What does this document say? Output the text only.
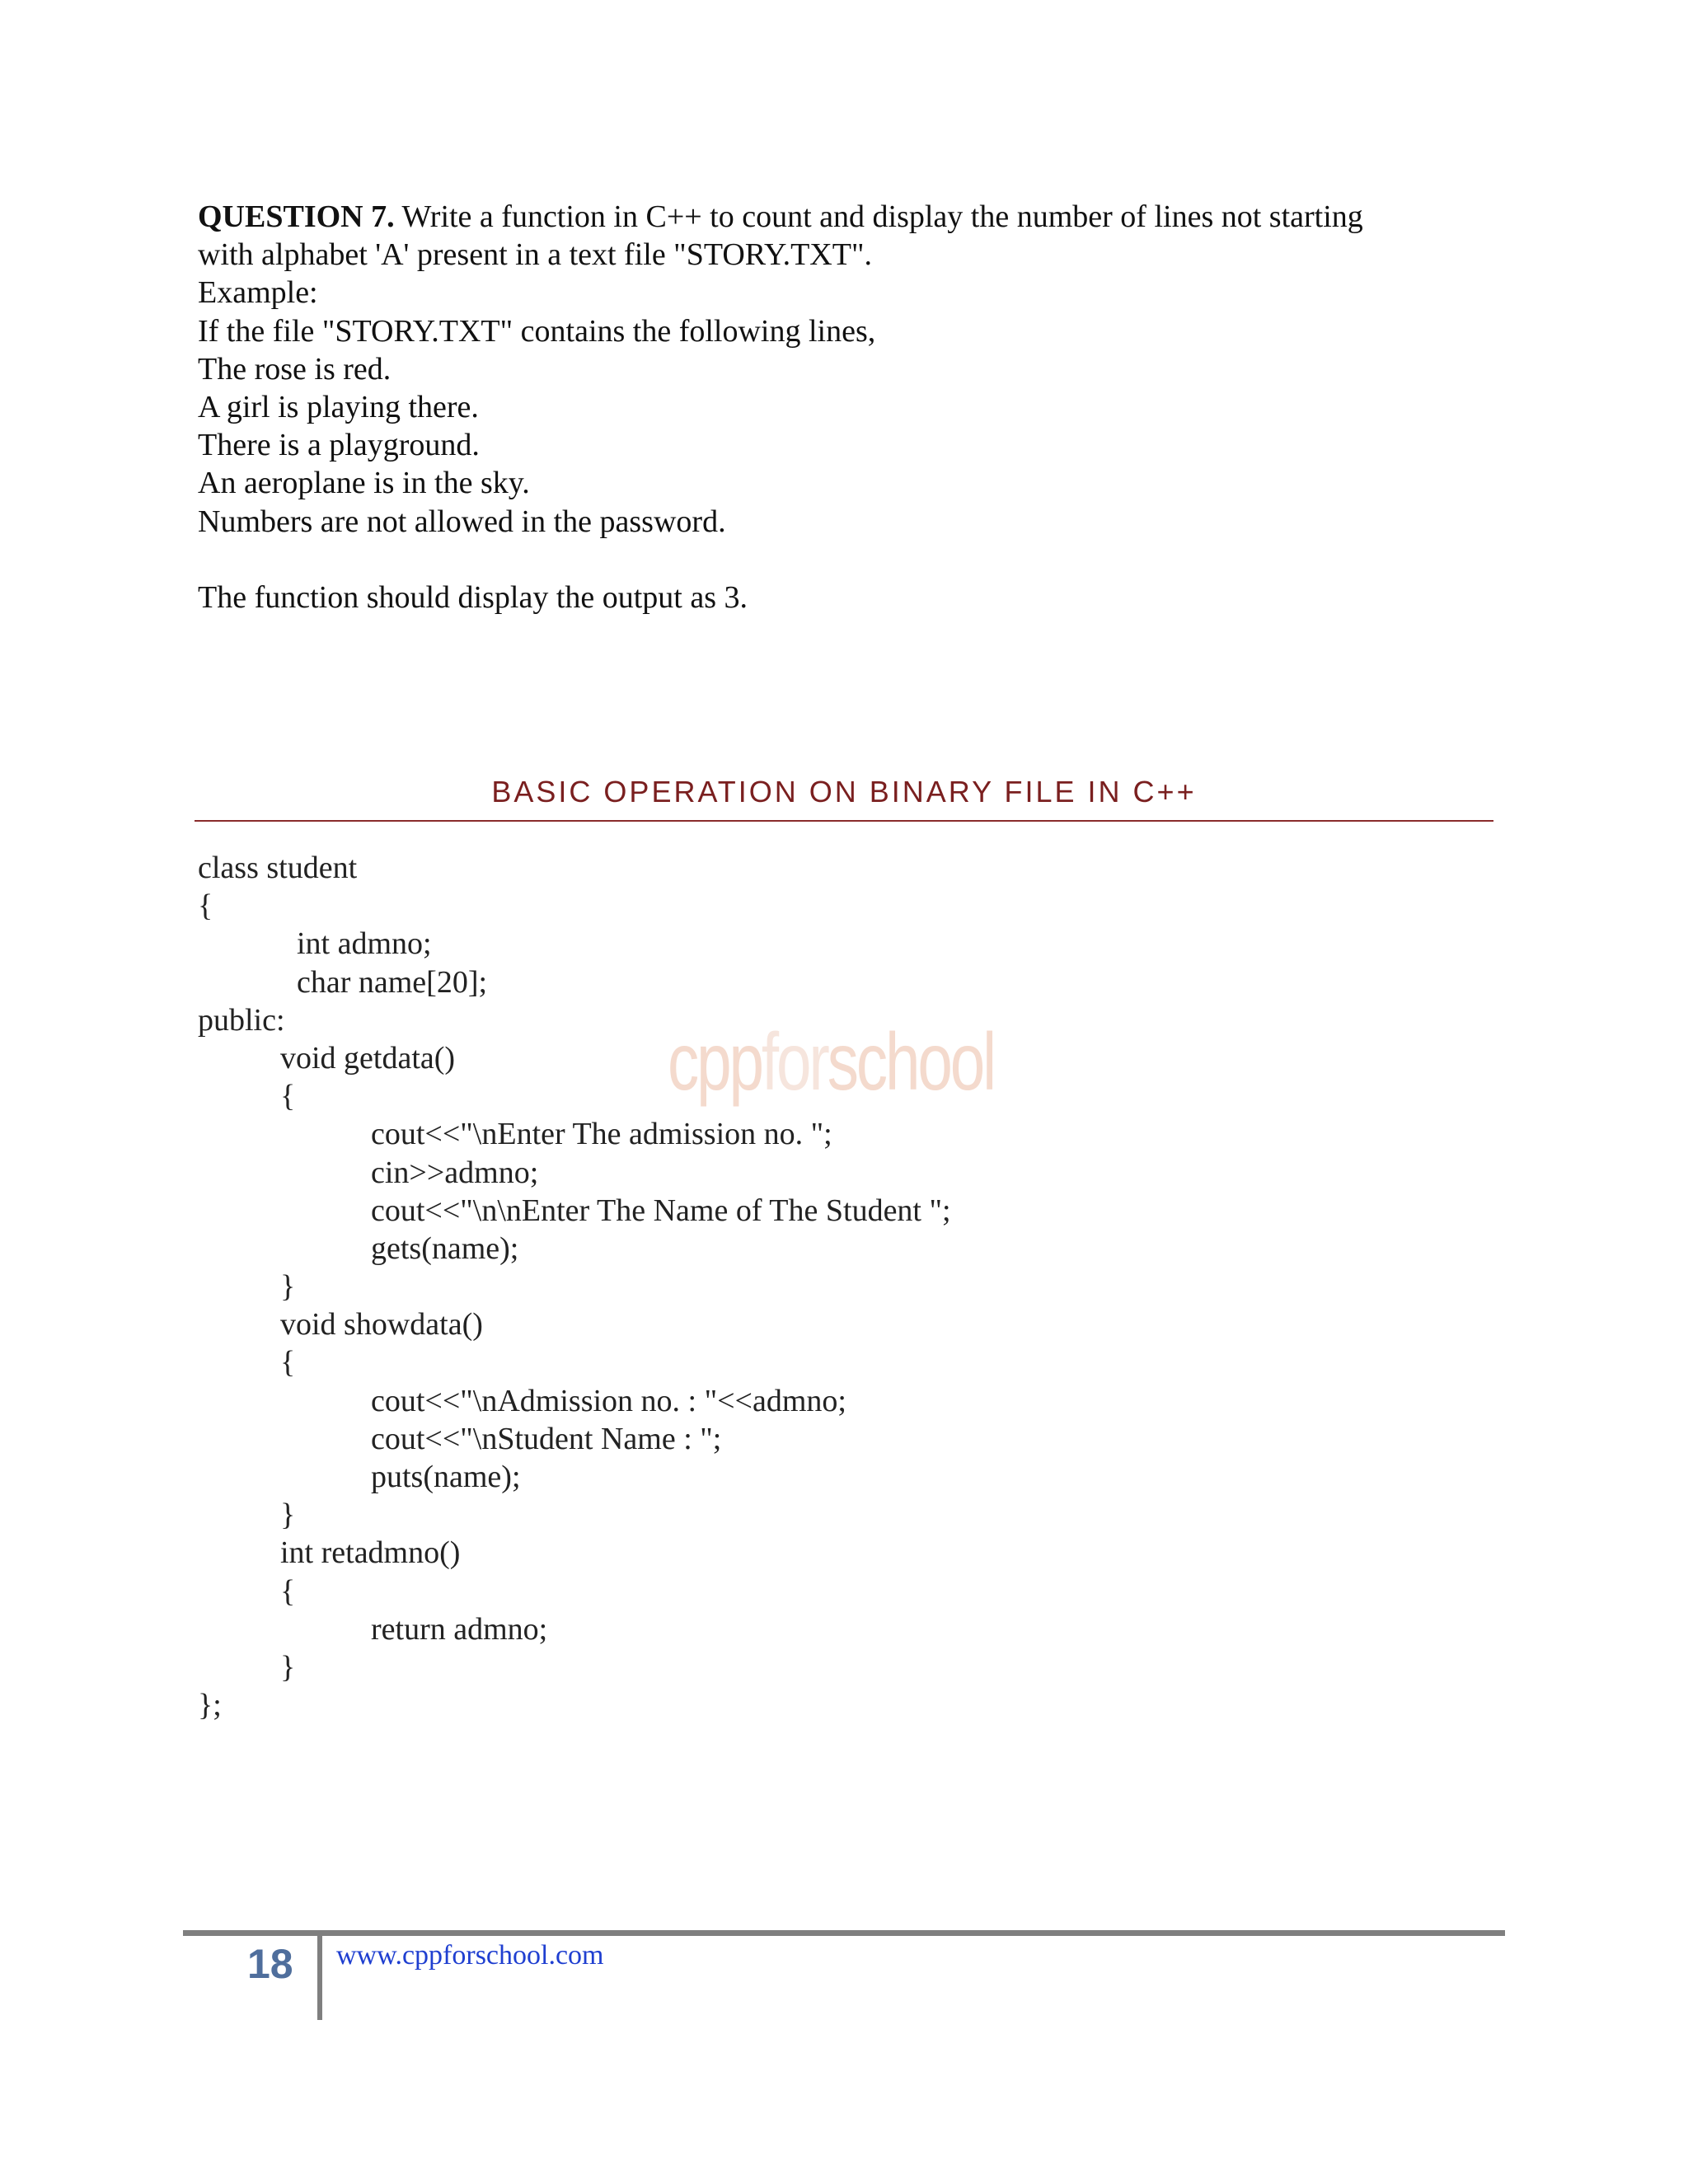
QUESTION 7. Write a function in C++ to count and display the number of lines not starting

with alphabet 'A' present in a text file "STORY.TXT".

Example:

If the file "STORY.TXT" contains the following lines,

The rose is red.

A girl is playing there.

There is a playground.

An aeroplane is in the sky.

Numbers are not allowed in the password.

The function should display the output as 3.

BASIC OPERATION ON BINARY FILE IN C++
cppforschool
class student
{
int admno;
char name[20];
public:
void getdata()
{
cout<<"\nEnter The admission no. ";
cin>>admno;
cout<<"\n\nEnter The Name of The Student ";
gets(name);
}
void showdata()
{
cout<<"\nAdmission no. : "<<admno;
cout<<"\nStudent Name : ";
puts(name);
}
int retadmno()
{
return admno;
}
};
18	www.cppforschool.com
